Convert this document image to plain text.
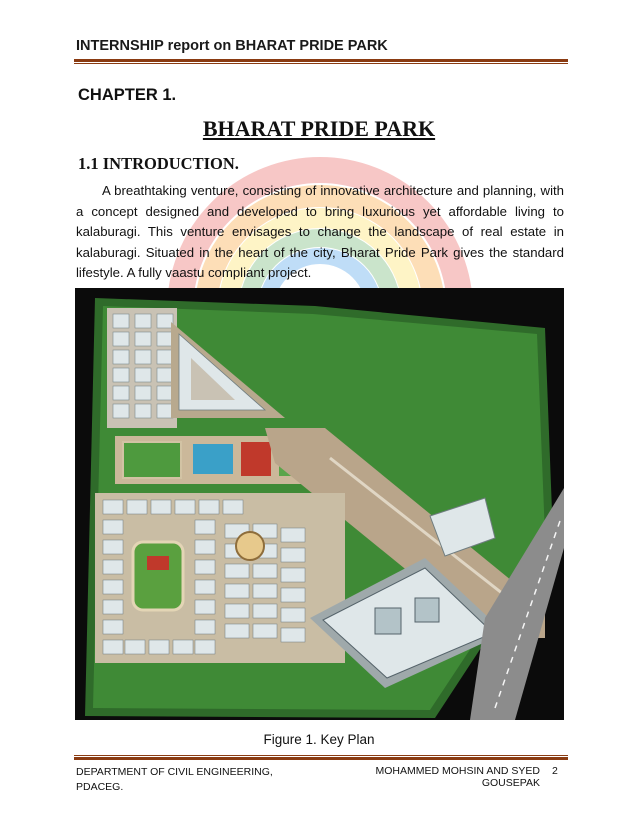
INTERNSHIP report on BHARAT PRIDE PARK
CHAPTER 1.
BHARAT PRIDE PARK
1.1 INTRODUCTION.

A breathtaking venture, consisting of innovative architecture and planning, with a concept designed and developed to bring luxurious yet affordable living to kalaburagi. This venture envisages to change the landscape of real estate in kalaburagi. Situated in the heart of the city, Bharat Pride Park gives the standard lifestyle. A fully vaastu compliant project.

Figure 1. Key Plan
DEPARTMENT OF CIVIL ENGINEERING,
PDACEG.
MOHAMMED MOHSIN AND SYED GOUSEPAK
2
